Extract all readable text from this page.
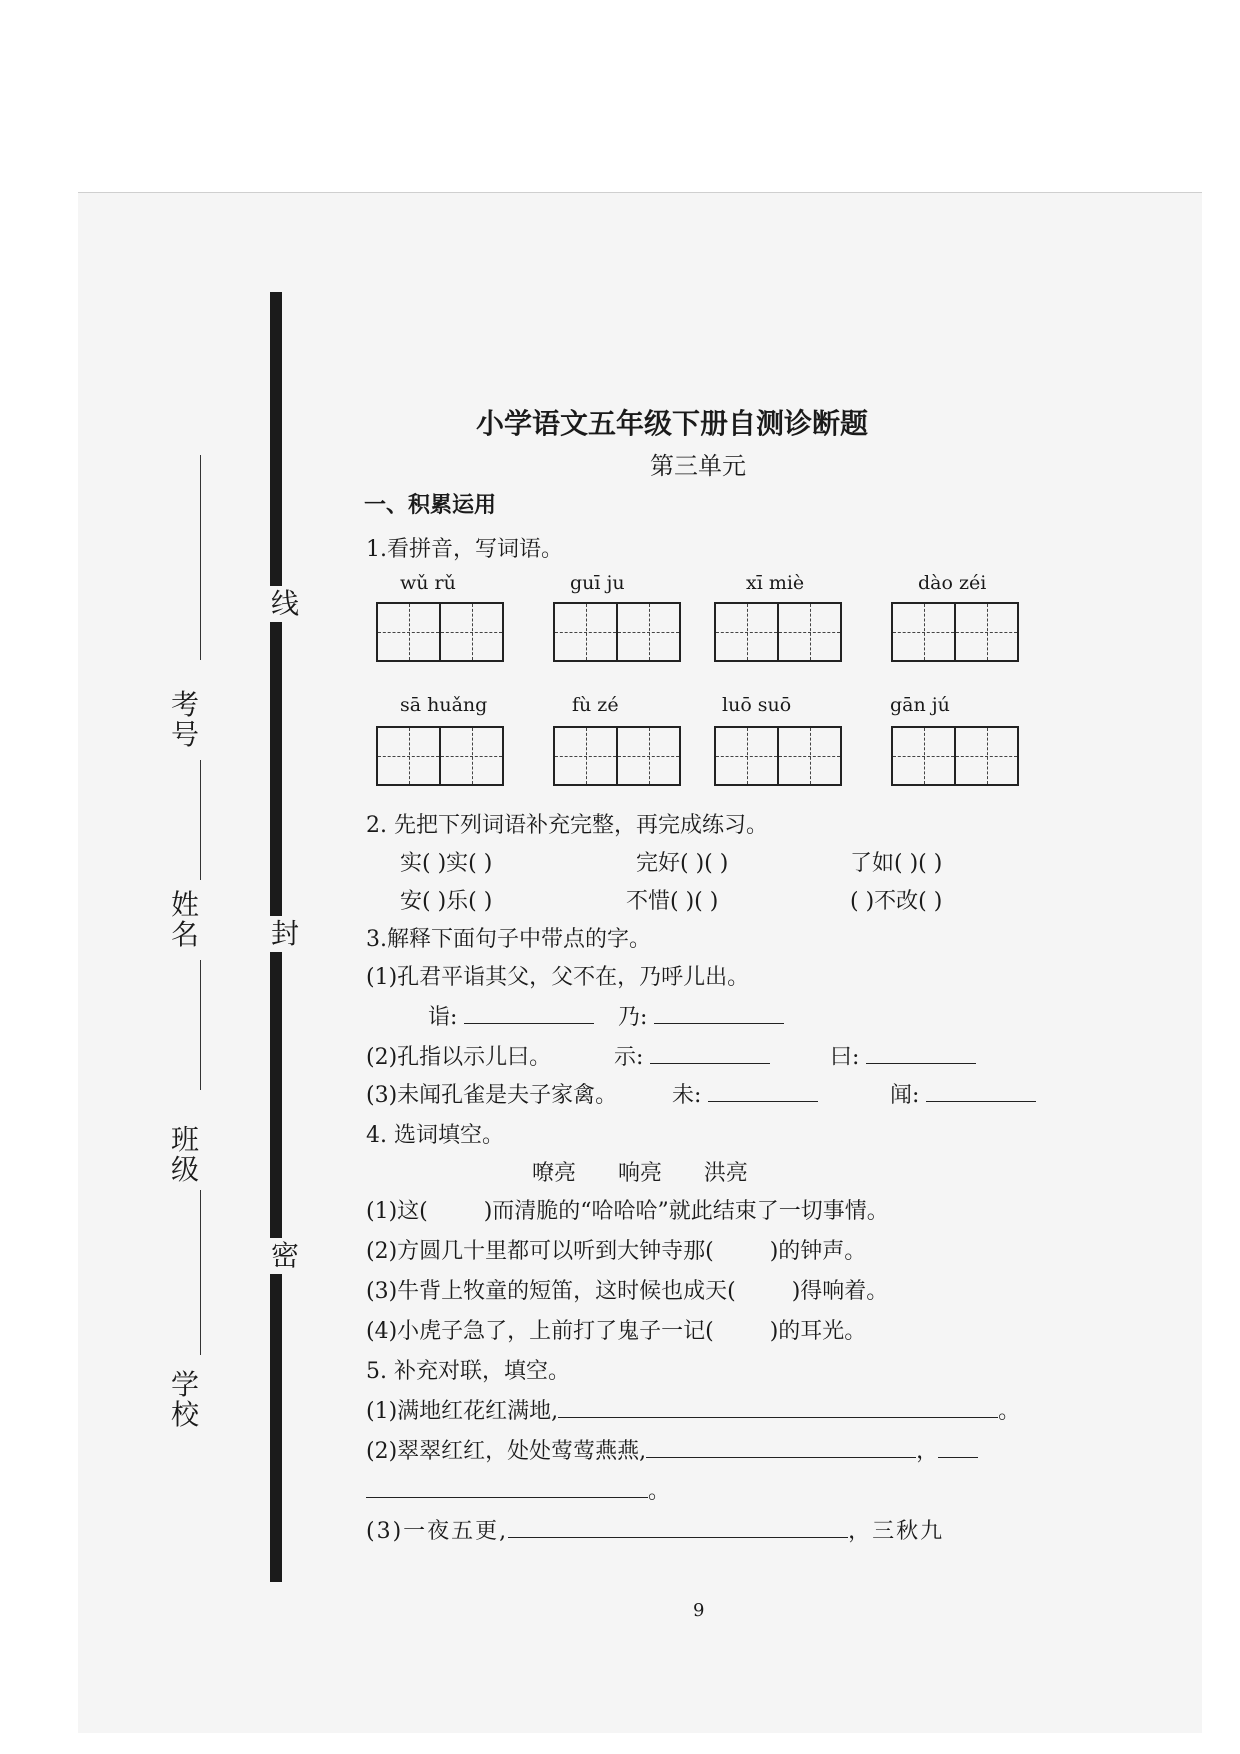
考号
姓名
班级
学校
线
封
密
小学语文五年级下册自测诊断题
第三单元
一、积累运用
1.看拼音，写词语。
wǔ rǔ	guī ju	xī miè	dào zéi
sā huǎng	fù zé	luō suō	gān jú
2. 先把下列词语补充完整，再完成练习。
实( )实( )	完好( )( )	了如( )( )
安( )乐( )	不惜( )( )	( )不改( )
3.解释下面句子中带点的字。
(1)孔君平诣其父，父不在，乃呼儿出。
诣:	乃:
(2)孔指以示儿曰。	示:	曰:
(3)未闻孔雀是夫子家禽。 未:	闻:
4. 选词填空。
嘹亮      响亮      洪亮
(1)这(        )而清脆的“哈哈哈”就此结束了一切事情。
(2)方圆几十里都可以听到大钟寺那(        )的钟声。
(3)牛背上牧童的短笛，这时候也成天(        )得响着。
(4)小虎子急了，上前打了鬼子一记(        )的耳光。
5. 补充对联，填空。
(1)满地红花红满地,	。
(2)翠翠红红，处处莺莺燕燕,	，
。
(3)一夜五更,	，三秋九
9
